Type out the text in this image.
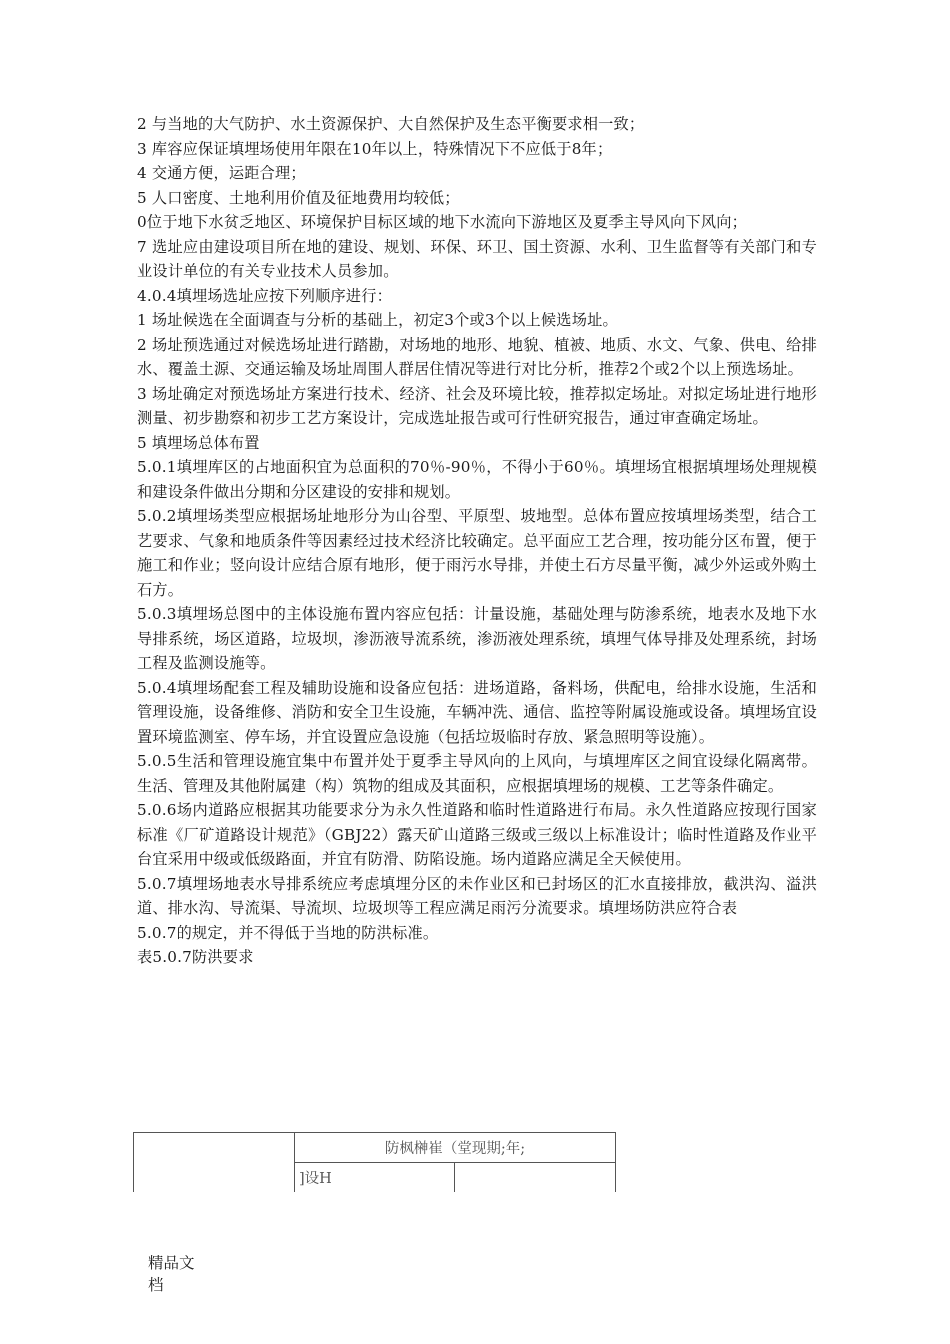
2 与当地的大气防护、水土资源保护、大自然保护及生态平衡要求相一致；

3 库容应保证填埋场使用年限在10年以上，特殊情况下不应低于8年；

4 交通方便，运距合理；

5 人口密度、土地利用价值及征地费用均较低；

0位于地下水贫乏地区、环境保护目标区域的地下水流向下游地区及夏季主导风向下风向；

7 选址应由建设项目所在地的建设、规划、环保、环卫、国土资源、水利、卫生监督等有关部门和专业设计单位的有关专业技术人员参加。

4.0.4填埋场选址应按下列顺序进行：

1 场址候选在全面调查与分析的基础上，初定3个或3个以上候选场址。

2 场址预选通过对候选场址进行踏勘，对场地的地形、地貌、植被、地质、水文、气象、供电、给排水、覆盖土源、交通运输及场址周围人群居住情况等进行对比分析，推荐2个或2个以上预选场址。

3 场址确定对预选场址方案进行技术、经济、社会及环境比较，推荐拟定场址。对拟定场址进行地形测量、初步勘察和初步工艺方案设计，完成选址报告或可行性研究报告，通过审查确定场址。

5 填埋场总体布置

5.0.1填埋库区的占地面积宜为总面积的70％-90％，不得小于60％。填埋场宜根据填埋场处理规模和建设条件做出分期和分区建设的安排和规划。

5.0.2填埋场类型应根据场址地形分为山谷型、平原型、坡地型。总体布置应按填埋场类型，结合工艺要求、气象和地质条件等因素经过技术经济比较确定。总平面应工艺合理，按功能分区布置，便于施工和作业；竖向设计应结合原有地形，便于雨污水导排，并使土石方尽量平衡，减少外运或外购土石方。

5.0.3填埋场总图中的主体设施布置内容应包括：计量设施，基础处理与防渗系统，地表水及地下水导排系统，场区道路，垃圾坝，渗沥液导流系统，渗沥液处理系统，填埋气体导排及处理系统，封场工程及监测设施等。

5.0.4填埋场配套工程及辅助设施和设备应包括：进场道路，备料场，供配电，给排水设施，生活和管理设施，设备维修、消防和安全卫生设施，车辆冲洗、通信、监控等附属设施或设备。填埋场宜设置环境监测室、停车场，并宜设置应急设施（包括垃圾临时存放、紧急照明等设施）。

5.0.5生活和管理设施宜集中布置并处于夏季主导风向的上风向，与填埋库区之间宜设绿化隔离带。生活、管理及其他附属建（构）筑物的组成及其面积，应根据填埋场的规模、工艺等条件确定。

5.0.6场内道路应根据其功能要求分为永久性道路和临时性道路进行布局。永久性道路应按现行国家标准《厂矿道路设计规范》（GBJ22）露天矿山道路三级或三级以上标准设计；临时性道路及作业平台宜采用中级或低级路面，并宜有防滑、防陷设施。场内道路应满足全天候使用。

5.0.7填埋场地表水导排系统应考虑填埋分区的未作业区和已封场区的汇水直接排放，截洪沟、溢洪道、排水沟、导流渠、导流坝、垃圾坝等工程应满足雨污分流要求。填埋场防洪应符合表

5.0.7的规定，并不得低于当地的防洪标准。

表5.0.7防洪要求

	防枫榊崔（堂现期;年;	
	]设H	
精品文
档
